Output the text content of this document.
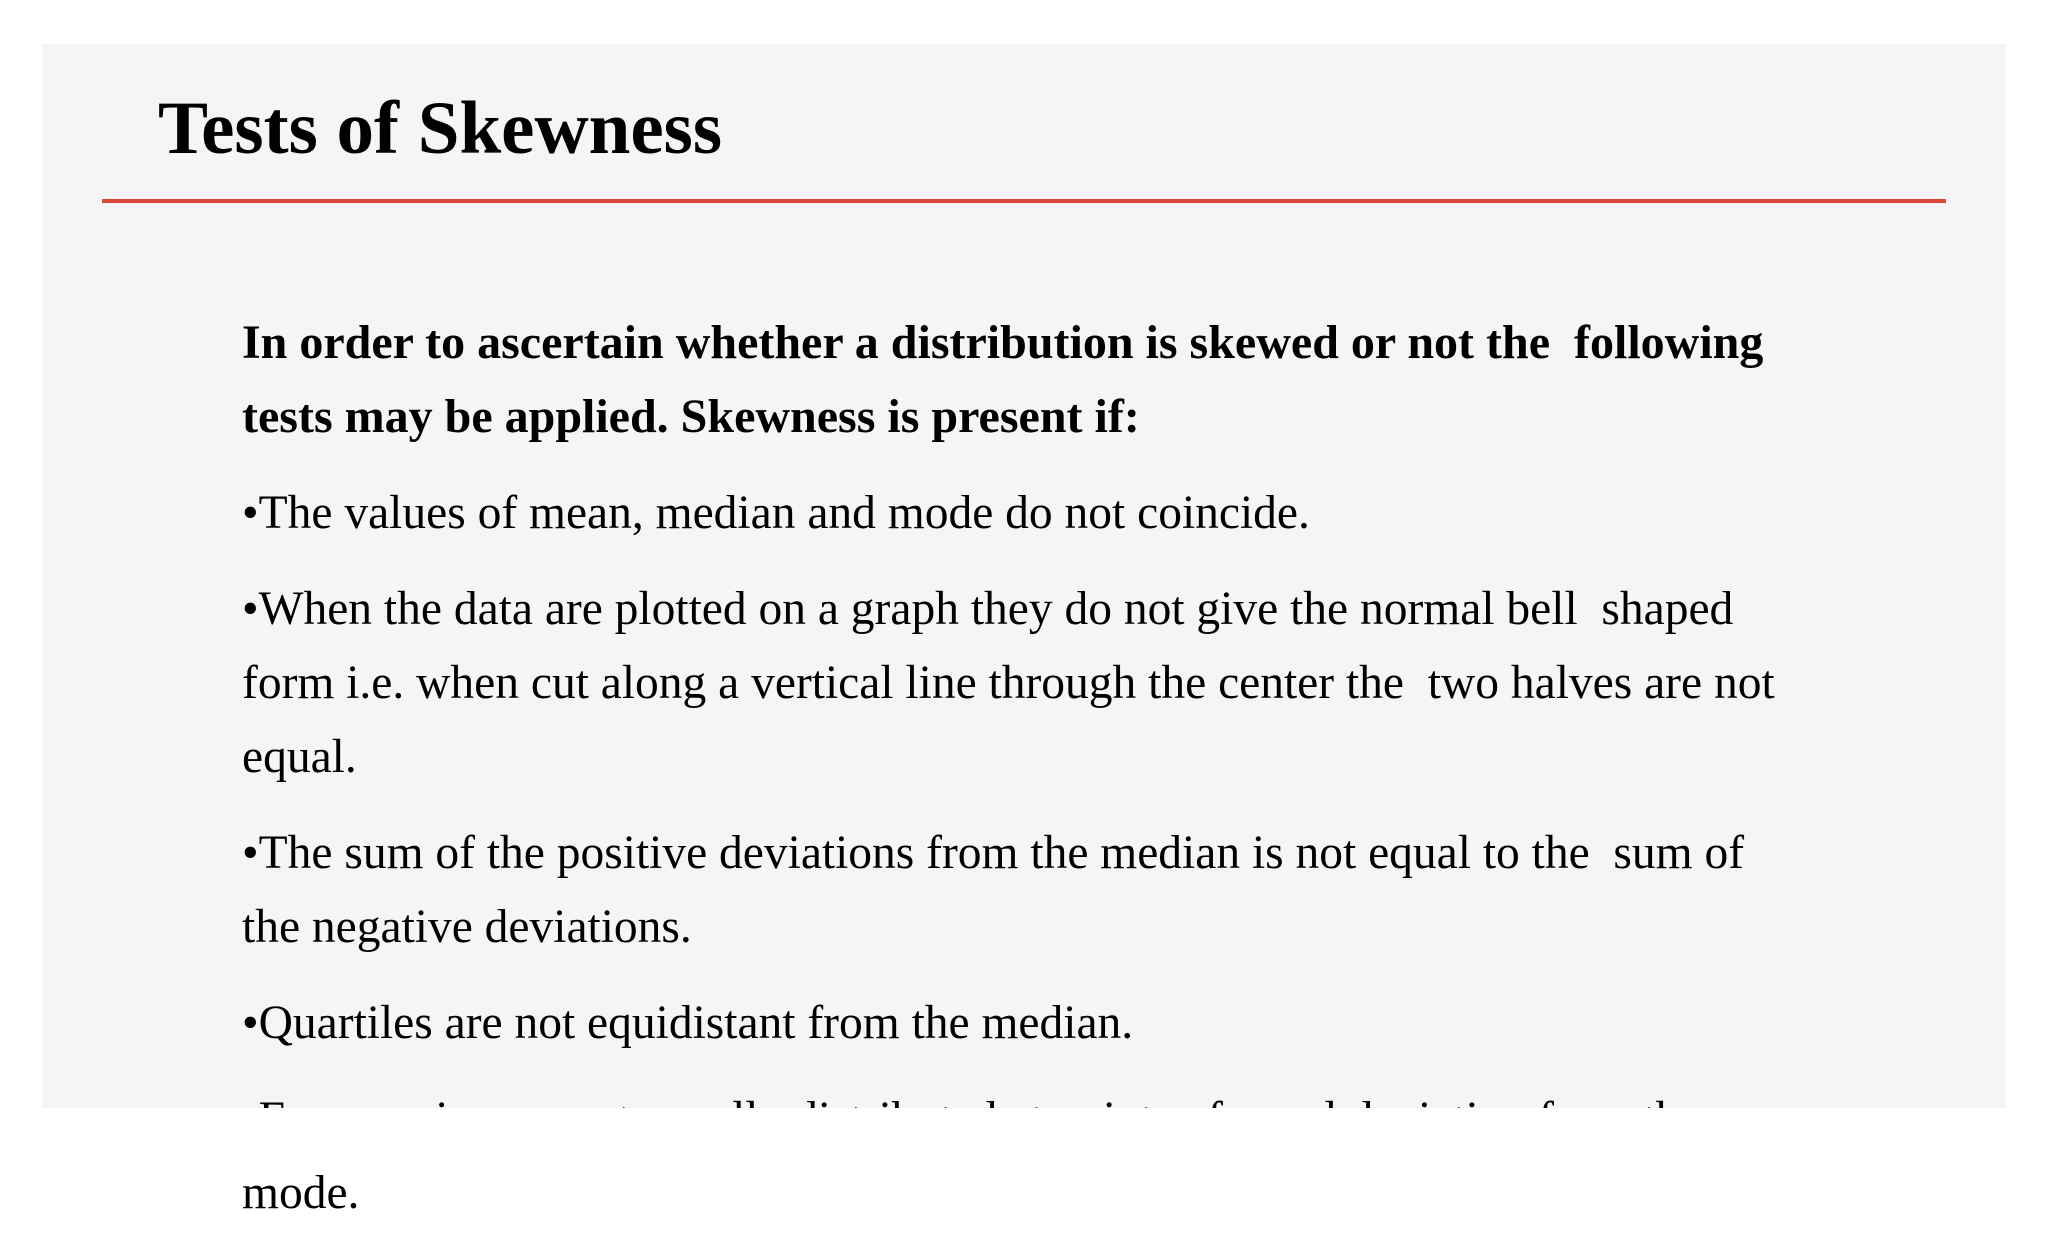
Tests of Skewness

In order to ascertain whether a distribution is skewed or not the  following
tests may be applied. Skewness is present if:

•The values of mean, median and mode do not coincide.

•When the data are plotted on a graph they do not give the normal bell  shaped
form i.e. when cut along a vertical line through the center the  two halves are not
equal.

•The sum of the positive deviations from the median is not equal to the  sum of
the negative deviations.

•Quartiles are not equidistant from the median.

mode.
